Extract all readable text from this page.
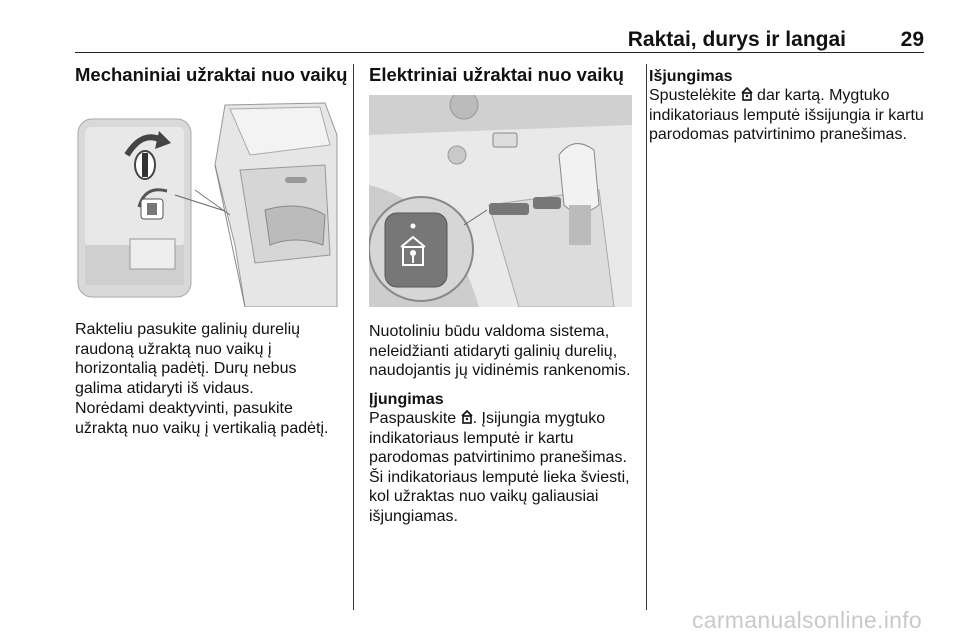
Raktai, durys ir langai	29
Mechaniniai užraktai nuo vaikų Elektriniai užraktai nuo vaikų

Rakteliu pasukite galinių durelių raudoną užraktą nuo vaikų į horizontalią padėtį. Durų nebus galima atidaryti iš vidaus.

Norėdami deaktyvinti, pasukite užraktą nuo vaikų į vertikalią padėtį.

Nuotoliniu būdu valdoma sistema, neleidžianti atidaryti galinių durelių, naudojantis jų vidinėmis rankenomis.

Įjungimas

Paspauskite . Įsijungia mygtuko indikatoriaus lemputė ir kartu parodomas patvirtinimo pranešimas. Ši indikatoriaus lemputė lieka šviesti, kol užraktas nuo vaikų galiausiai išjungiamas.

Išjungimas

Spustelėkite  dar kartą. Mygtuko indikatoriaus lemputė išsijungia ir kartu parodomas patvirtinimo pranešimas.

carmanualsonline.info
